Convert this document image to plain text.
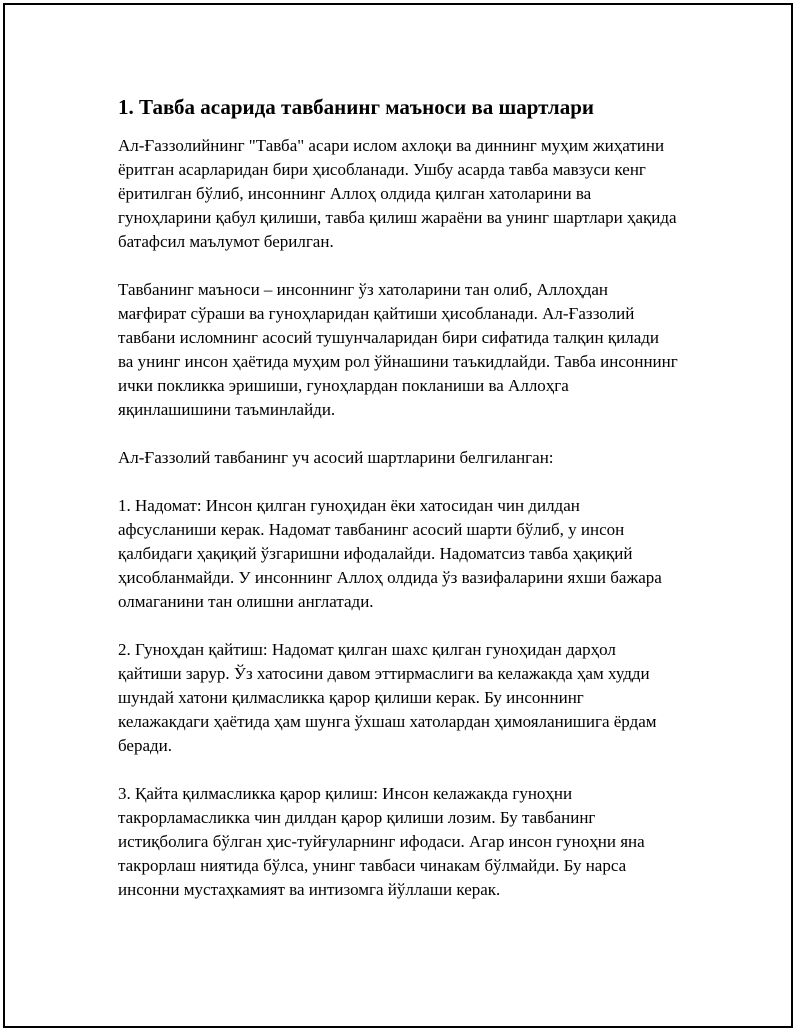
1. Тавба асарида тавбанинг маъноси ва шартлари

Ал-Ғаззолийнинг "Тавба" асари ислом ахлоқи ва диннинг муҳим жиҳатини ёритган асарларидан бири ҳисобланади. Ушбу асарда тавба мавзуси кенг ёритилган бўлиб, инсоннинг Аллоҳ олдида қилган хатоларини ва гуноҳларини қабул қилиши, тавба қилиш жараёни ва унинг шартлари ҳақида батафсил маълумот берилган.

Тавбанинг маъноси – инсоннинг ўз хатоларини тан олиб, Аллоҳдан мағфират сўраши ва гуноҳларидан қайтиши ҳисобланади. Ал-Ғаззолий тавбани исломнинг асосий тушунчаларидан бири сифатида талқин қилади ва унинг инсон ҳаётида муҳим рол ўйнашини таъкидлайди. Тавба инсоннинг ички покликка эришиши, гуноҳлардан покланиши ва Аллоҳга яқинлашишини таъминлайди.

Ал-Ғаззолий тавбанинг уч асосий шартларини белгиланган:

1. Надомат: Инсон қилган гуноҳидан ёки хатосидан чин дилдан афсусланиши керак. Надомат тавбанинг асосий шарти бўлиб, у инсон қалбидаги ҳақиқий ўзгаришни ифодалайди. Надоматсиз тавба ҳақиқий ҳисобланмайди. У инсоннинг Аллоҳ олдида ўз вазифаларини яхши бажара олмаганини тан олишни англатади.

2. Гуноҳдан қайтиш: Надомат қилган шахс қилган гуноҳидан дарҳол қайтиши зарур. Ўз хатосини давом эттирмаслиги ва келажакда ҳам худди шундай хатони қилмасликка қарор қилиши керак. Бу инсоннинг келажакдаги ҳаётида ҳам шунга ўхшаш хатолардан ҳимояланишига ёрдам беради.

3. Қайта қилмасликка қарор қилиш: Инсон келажакда гуноҳни такрорламасликка чин дилдан қарор қилиши лозим. Бу тавбанинг истиқболига бўлган ҳис-туйғуларнинг ифодаси. Агар инсон гуноҳни яна такрорлаш ниятида бўлса, унинг тавбаси чинакам бўлмайди. Бу нарса инсонни мустаҳкамият ва интизомга йўллаши керак.
